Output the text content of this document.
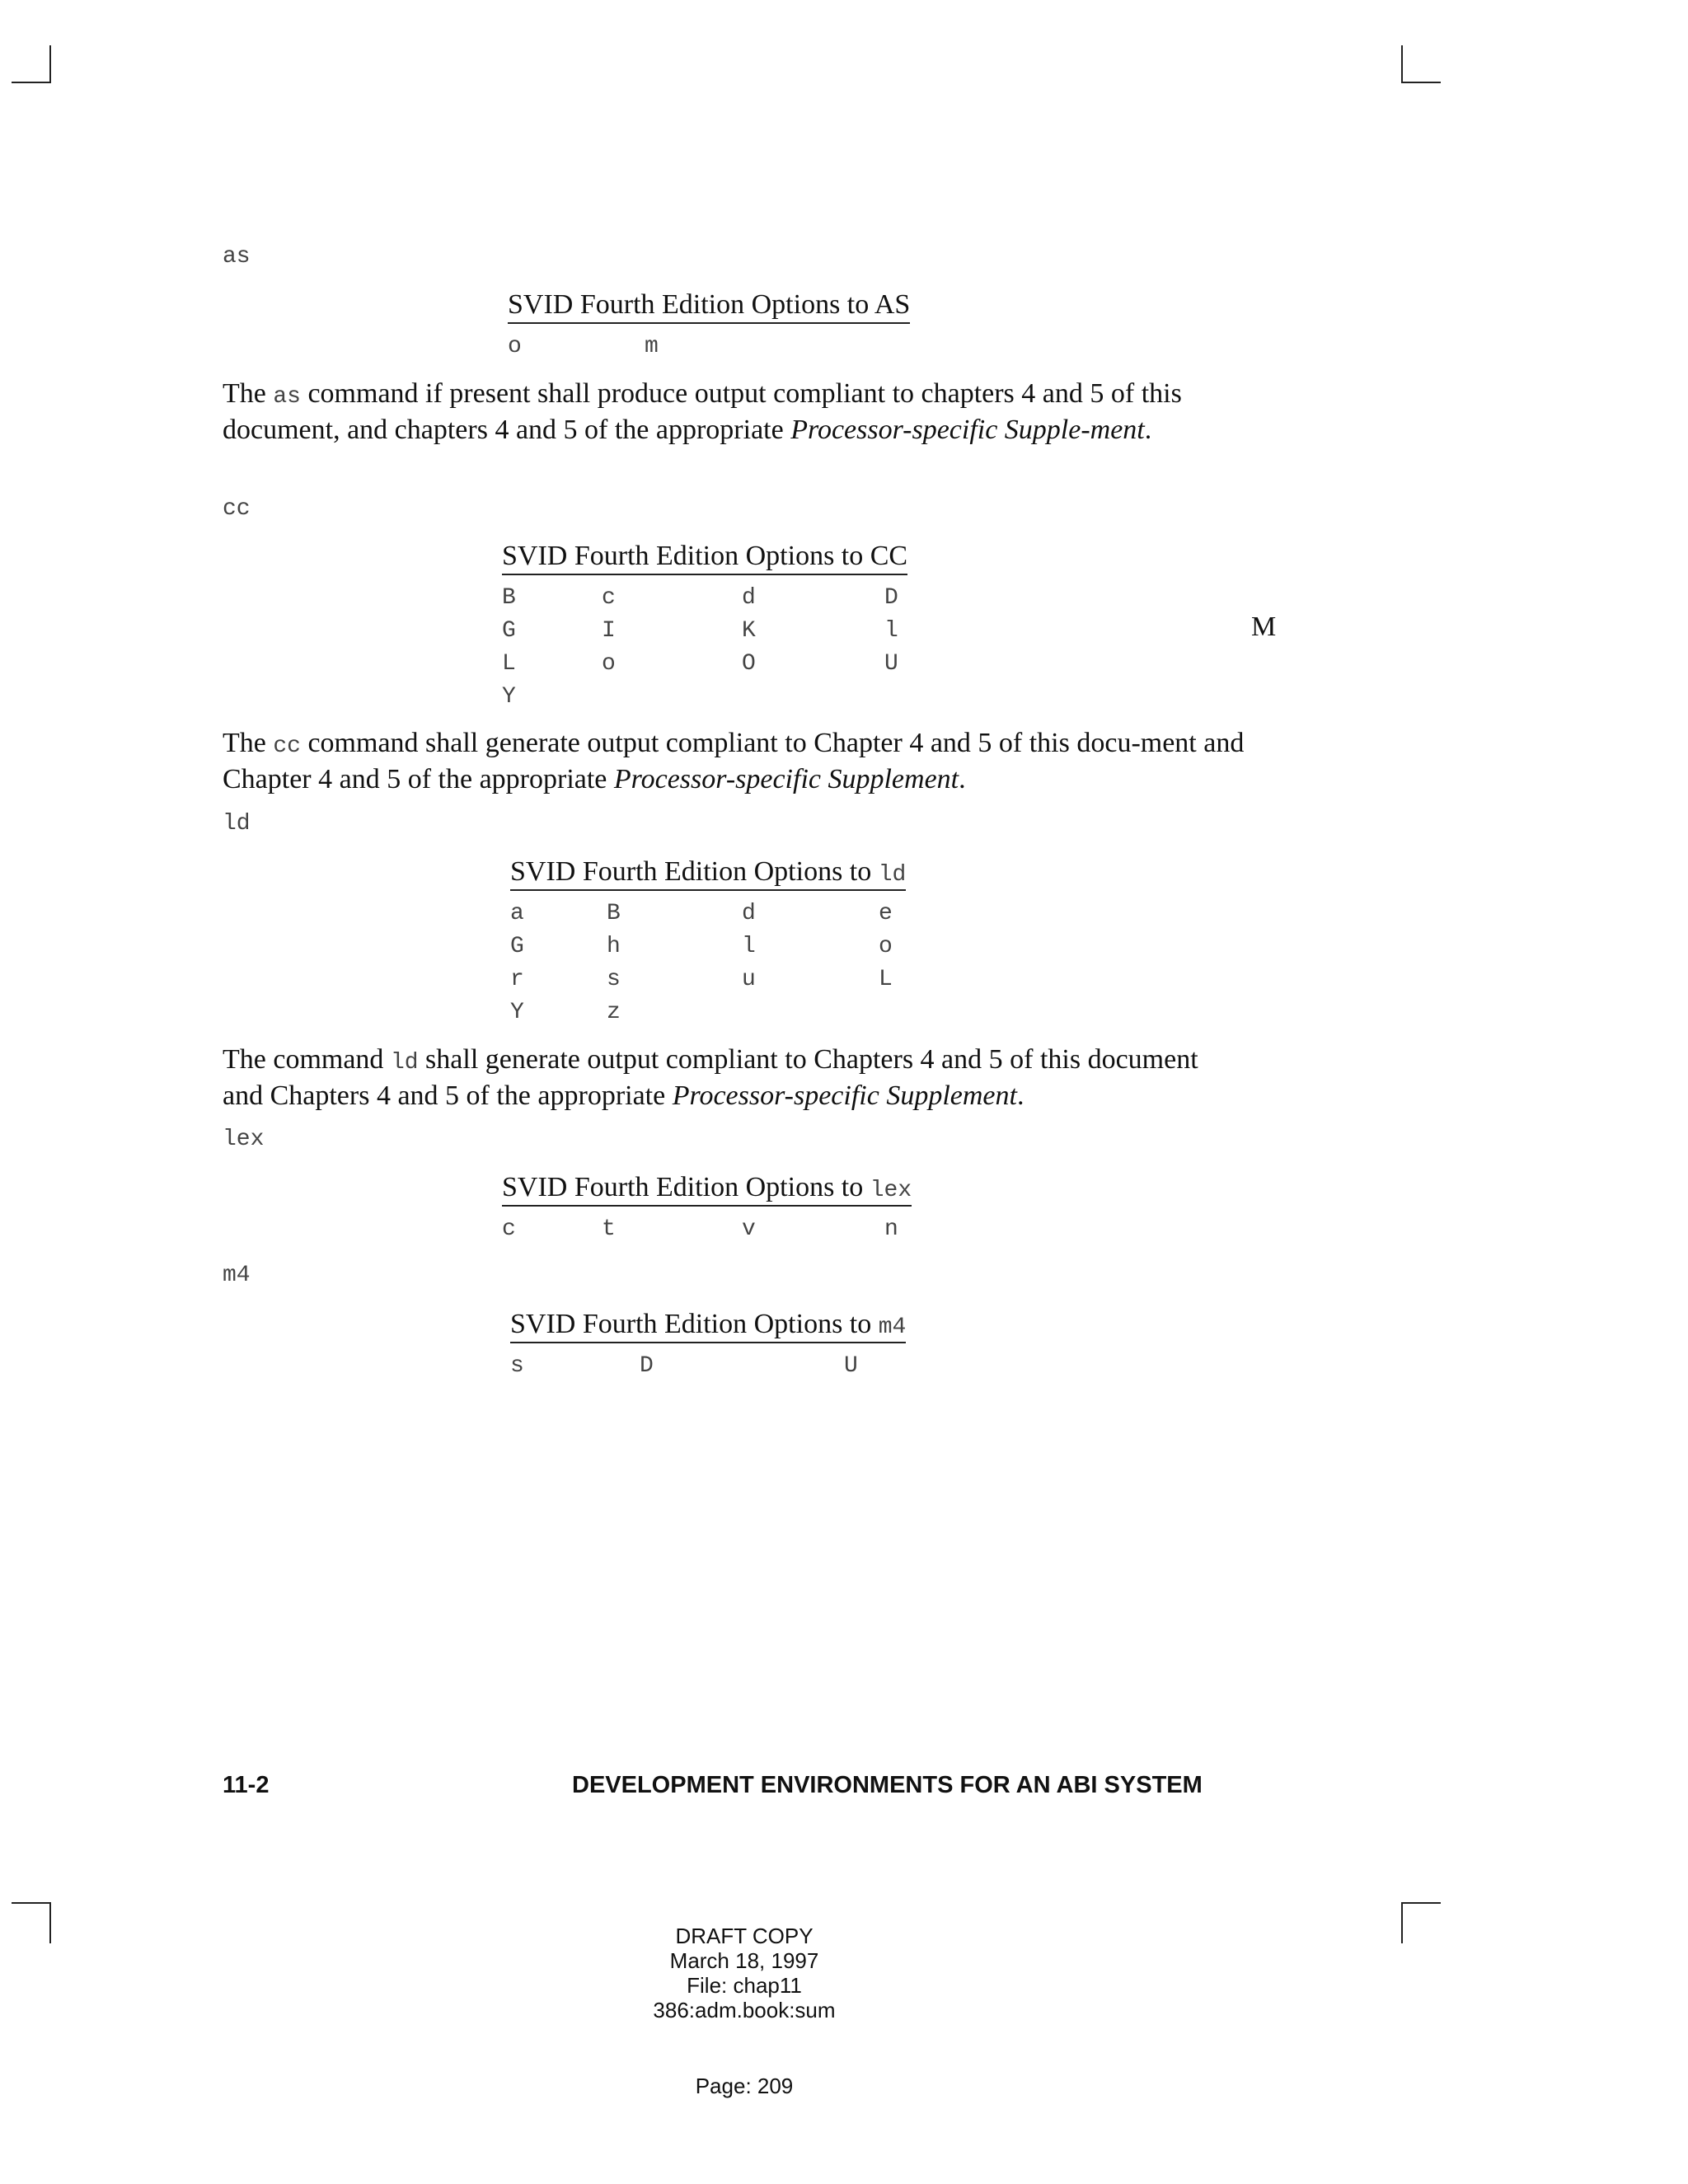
as
SVID Fourth Edition Options to AS
o	m
The as command if present shall produce output compliant to chapters 4 and 5 of this document, and chapters 4 and 5 of the appropriate Processor-specific Supple-ment.
cc
SVID Fourth Edition Options to CC
B	c	d	D
G	I	K	l
L	o	O	U
Y
M
The cc command shall generate output compliant to Chapter 4 and 5 of this docu-ment and Chapter 4 and 5 of the appropriate Processor-specific Supplement.
ld
SVID Fourth Edition Options to ld
a	B	d	e
G	h	l	o
r	s	u	L
Y	z
The command ld shall generate output compliant to Chapters 4 and 5 of this document and Chapters 4 and 5 of the appropriate Processor-specific Supplement.
lex
SVID Fourth Edition Options to lex
c	t	v	n
m4
SVID Fourth Edition Options to m4
s	D	U
11-2	DEVELOPMENT ENVIRONMENTS FOR AN ABI SYSTEM
DRAFT COPY
March 18, 1997
File: chap11
386:adm.book:sum
Page: 209
